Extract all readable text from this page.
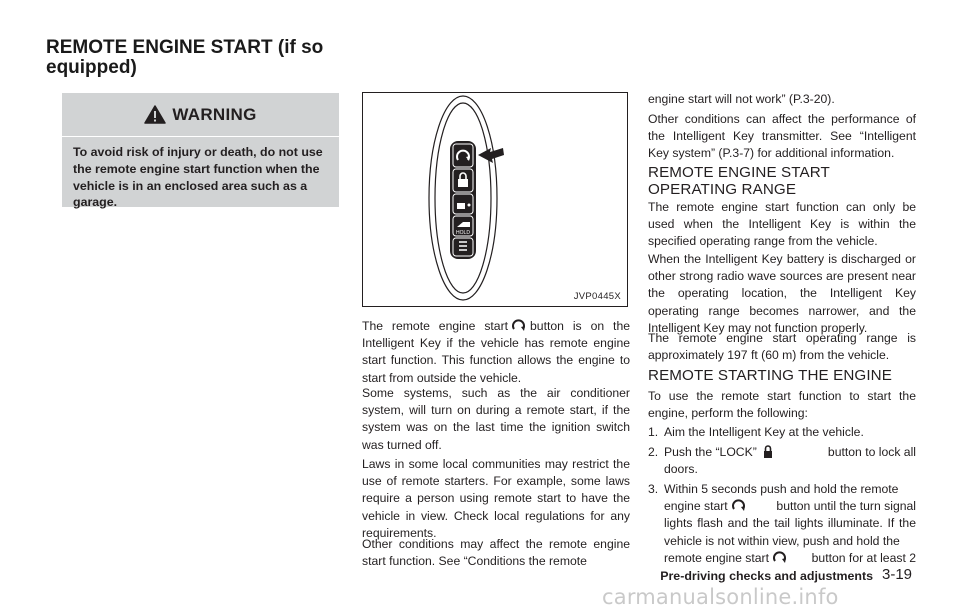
REMOTE ENGINE START (if so equipped)
WARNING
To avoid risk of injury or death, do not use the remote engine start function when the vehicle is in an enclosed area such as a garage.
HOLD
JVP0445X
The remote engine start button is on the Intelligent Key if the vehicle has remote engine start function. This function allows the engine to start from outside the vehicle.
Some systems, such as the air conditioner system, will turn on during a remote start, if the system was on the last time the ignition switch was turned off.
Laws in some local communities may restrict the use of remote starters. For example, some laws require a person using remote start to have the vehicle in view. Check local regulations for any requirements.
Other conditions may affect the remote engine start function. See “Conditions the remote
engine start will not work” (P.3-20).
Other conditions can affect the performance of the Intelligent Key transmitter. See “Intelligent Key system” (P.3-7) for additional information.
REMOTE ENGINE START OPERATING RANGE
The remote engine start function can only be used when the Intelligent Key is within the specified operating range from the vehicle.
When the Intelligent Key battery is discharged or other strong radio wave sources are present near the operating location, the Intelligent Key operating range becomes narrower, and the Intelligent Key may not function properly.
The remote engine start operating range is approximately 197 ft (60 m) from the vehicle.
REMOTE STARTING THE ENGINE
To use the remote start function to start the engine, perform the following:
1. Aim the Intelligent Key at the vehicle.
2. Push the “LOCK”	button to lock all
doors.
3. Within 5 seconds push and hold the remote
engine start	button until the turn signal
lights flash and the tail lights illuminate. If the vehicle is not within view, push and hold the
remote engine start	button for at least 2
Pre-driving checks and adjustments 3-19
carmanualsonline.info
